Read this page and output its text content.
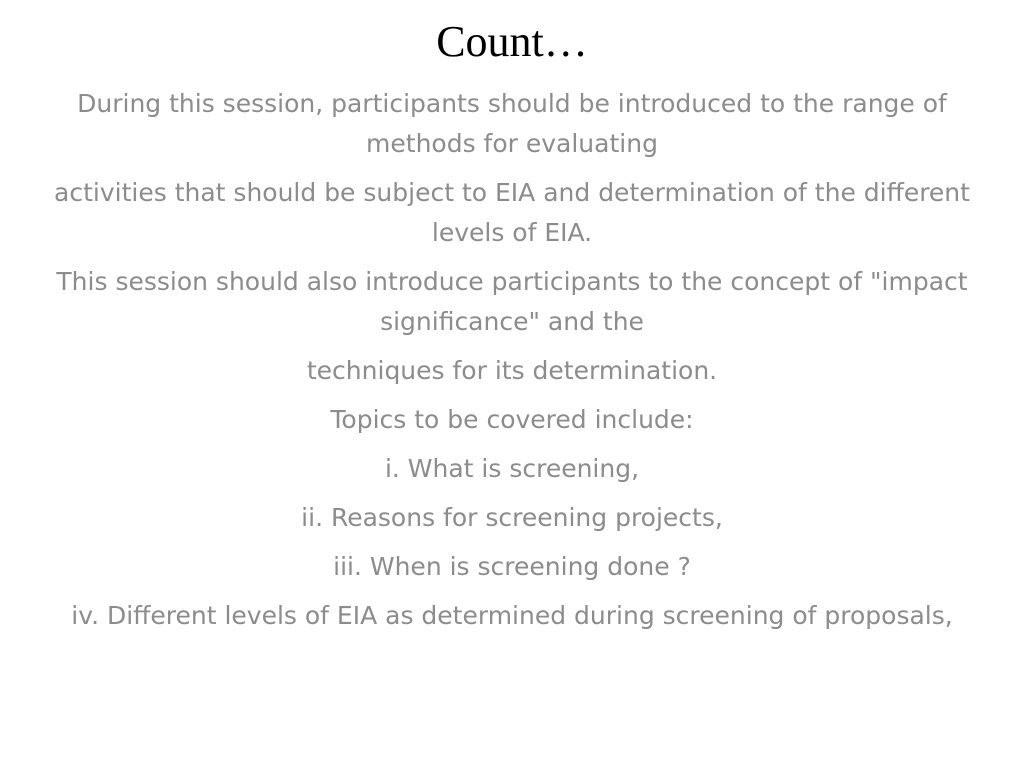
Count…

During this session, participants should be introduced to the range of methods for evaluating

activities that should be subject to EIA and determination of the different levels of EIA.

This session should also introduce participants to the concept of "impact significance" and the

techniques for its determination.

Topics to be covered include:

i. What is screening,

ii. Reasons for screening projects,

iii. When is screening done ?

iv. Different levels of EIA as determined during screening of proposals,
